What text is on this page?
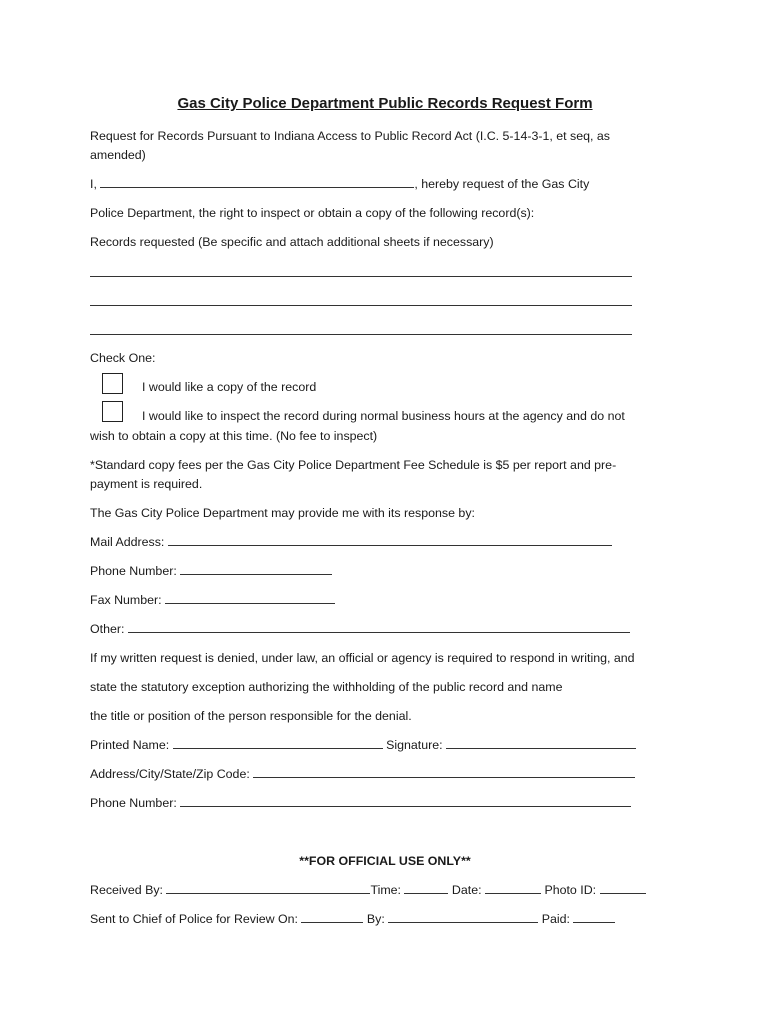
Gas City Police Department Public Records Request Form
Request for Records Pursuant to Indiana Access to Public Record Act (I.C. 5-14-3-1, et seq, as
amended)
I,	, hereby request of the Gas City
Police Department, the right to inspect or obtain a copy of the following record(s):
Records requested (Be specific and attach additional sheets if necessary)
Check One:
I would like a copy of the record
I would like to inspect the record during normal business hours at the agency and do not
wish to obtain a copy at this time. (No fee to inspect)
*Standard copy fees per the Gas City Police Department Fee Schedule is $5 per report and pre-
payment is required.
The Gas City Police Department may provide me with its response by:
Mail Address:
Phone Number:
Fax Number:
Other:
If my written request is denied, under law, an official or agency is required to respond in writing, and
state the statutory exception authorizing the withholding of the public record and name
the title or position of the person responsible for the denial.
Printed Name:	Signature:
Address/City/State/Zip Code:
Phone Number:
**FOR OFFICIAL USE ONLY**
Received By:	Time:	Date:	Photo ID:
Sent to Chief of Police for Review On:	By:	Paid:
